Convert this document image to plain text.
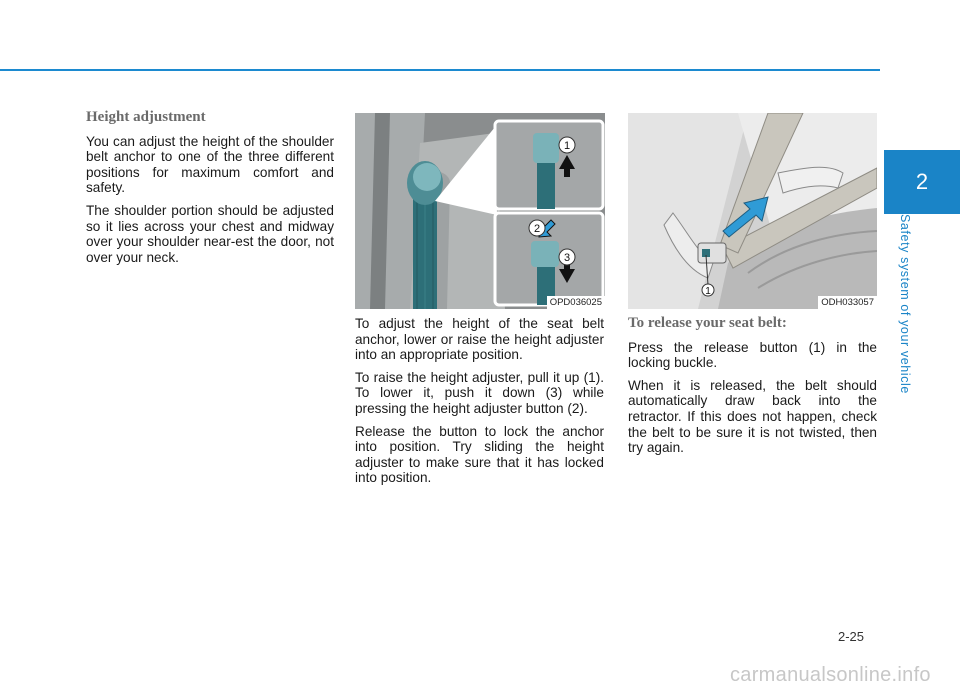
2
Safety system of your vehicle
Height adjustment

You can adjust the height of the shoulder belt anchor to one of the three different positions for maximum comfort and safety.

The shoulder portion should be adjusted so it lies across your chest and midway over your shoulder near-est the door, not over your neck.

1
2
3
OPD036025

To adjust the height of the seat belt anchor, lower or raise the height adjuster into an appropriate position.

To raise the height adjuster, pull it up (1). To lower it, push it down (3) while pressing the height adjuster button (2).

Release the button to lock the anchor into position. Try sliding the height adjuster to make sure that it has locked into position.

1
ODH033057
To release your seat belt:

Press the release button (1) in the locking buckle.

When it is released, the belt should automatically draw back into the retractor. If this does not happen, check the belt to be sure it is not twisted, then try again.

2-25
carmanualsonline.info
